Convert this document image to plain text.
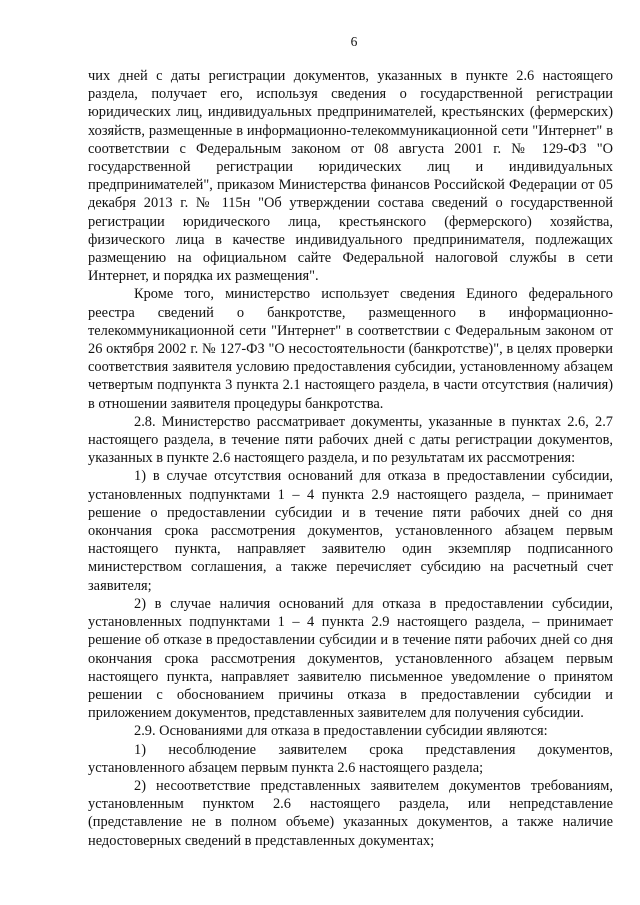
6

чих дней с даты регистрации документов, указанных в пункте 2.6 настоящего раздела, получает его, используя сведения о государственной регистрации юридических лиц, индивидуальных предпринимателей, крестьянских (фермерских) хозяйств, размещенные в информационно-телекоммуникационной сети "Интернет" в соответствии с Федеральным законом от 08 августа 2001 г. № 129-ФЗ "О государственной регистрации юридических лиц и индивидуальных предпринимателей", приказом Министерства финансов Российской Федерации от 05 декабря 2013 г. № 115н "Об утверждении состава сведений о государственной регистрации юридического лица, крестьянского (фермерского) хозяйства, физического лица в качестве индивидуального предпринимателя, подлежащих размещению на официальном сайте Федеральной налоговой службы в сети Интернет, и порядка их размещения".

Кроме того, министерство использует сведения Единого федерального реестра сведений о банкротстве, размещенного в информационно-телекоммуникационной сети "Интернет" в соответствии с Федеральным законом от 26 октября 2002 г. № 127-ФЗ "О несостоятельности (банкротстве)", в целях проверки соответствия заявителя условию предоставления субсидии, установленному абзацем четвертым подпункта 3 пункта 2.1 настоящего раздела, в части отсутствия (наличия) в отношении заявителя процедуры банкротства.

2.8. Министерство рассматривает документы, указанные в пунктах 2.6, 2.7 настоящего раздела, в течение пяти рабочих дней с даты регистрации документов, указанных в пункте 2.6 настоящего раздела, и по результатам их рассмотрения:

1) в случае отсутствия оснований для отказа в предоставлении субсидии, установленных подпунктами 1 – 4 пункта 2.9 настоящего раздела, – принимает решение о предоставлении субсидии и в течение пяти рабочих дней со дня окончания срока рассмотрения документов, установленного абзацем первым настоящего пункта, направляет заявителю один экземпляр подписанного министерством соглашения, а также перечисляет субсидию на расчетный счет заявителя;

2) в случае наличия оснований для отказа в предоставлении субсидии, установленных подпунктами 1 – 4 пункта 2.9 настоящего раздела, – принимает решение об отказе в предоставлении субсидии и в течение пяти рабочих дней со дня окончания срока рассмотрения документов, установленного абзацем первым настоящего пункта, направляет заявителю письменное уведомление о принятом решении с обоснованием причины отказа в предоставлении субсидии и приложением документов, представленных заявителем для получения субсидии.

2.9. Основаниями для отказа в предоставлении субсидии являются:

1) несоблюдение заявителем срока представления документов, установленного абзацем первым пункта 2.6 настоящего раздела;

2) несоответствие представленных заявителем документов требованиям, установленным пунктом 2.6 настоящего раздела, или непредставление (представление не в полном объеме) указанных документов, а также наличие недостоверных сведений в представленных документах;
